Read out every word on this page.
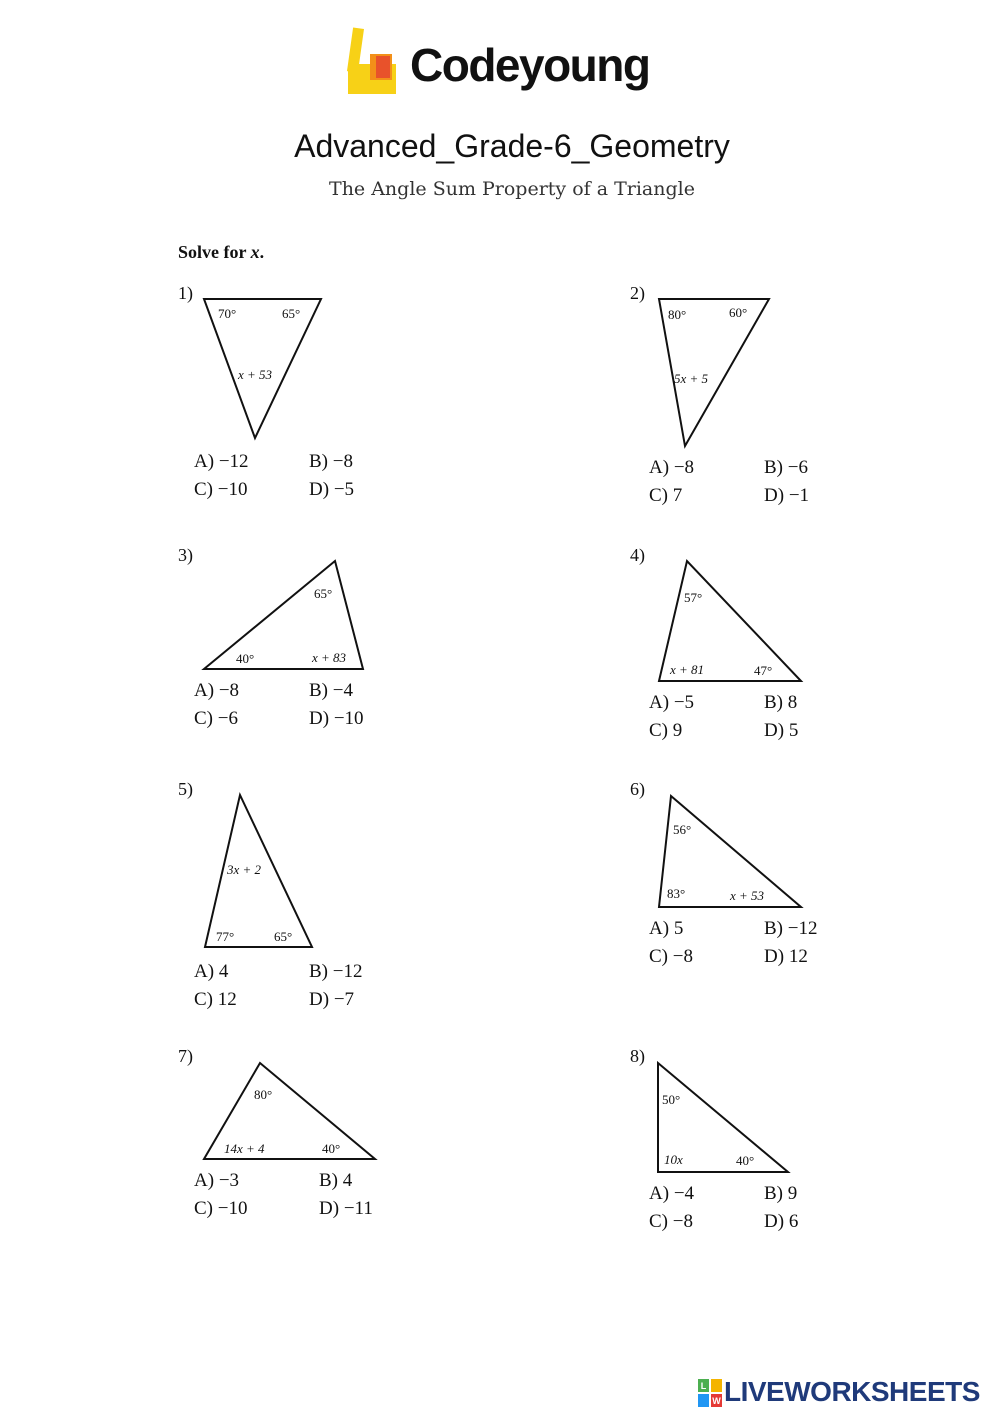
Codeyoung
Advanced_Grade-6_Geometry
The Angle Sum Property of a Triangle
Solve for x.
1)
70°	65°
x + 53
A) −12	B) −8
C) −10	D) −5
2)
80°	60°
5x + 5
A) −8	B) −6
C) 7	D) −1
3)
65°
40°	x + 83
A) −8	B) −4
C) −6	D) −10
4)
57°
x + 81	47°
A) −5	B) 8
C) 9	D) 5
5)
3x + 2
77°	65°
A) 4	B) −12
C) 12	D) −7
6)
56°
83°	x + 53
A) 5	B) −12
C) −8	D) 12
7)
80°
14x + 4	40°
A) −3	B) 4
C) −10	D) −11
8)
50°
10x	40°
A) −4	B) 9
C) −8	D) 6
L
W LIVEWORKSHEETS
